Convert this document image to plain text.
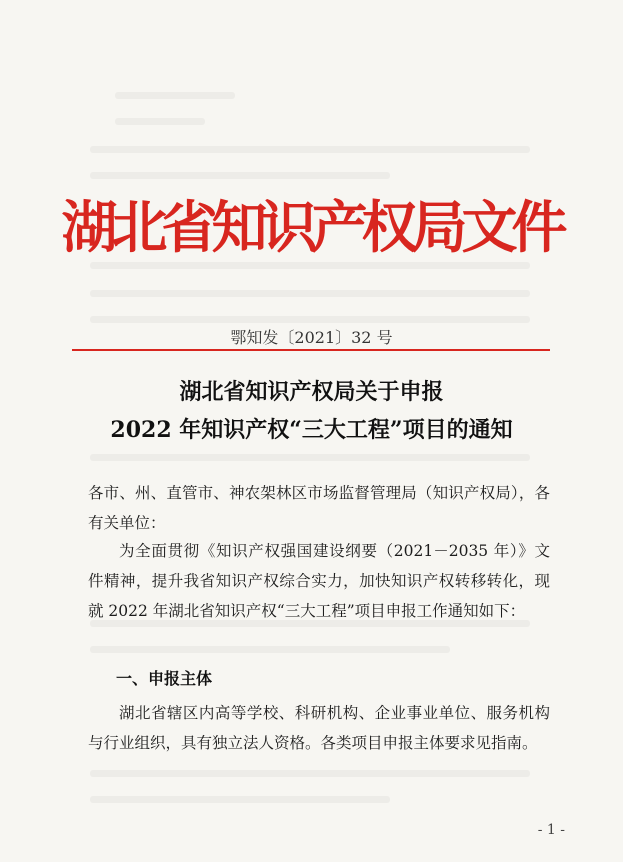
湖北省知识产权局文件
鄂知发〔2021〕32 号
湖北省知识产权局关于申报
2022 年知识产权“三大工程”项目的通知
各市、州、直管市、神农架林区市场监督管理局（知识产权局），各有关单位：
为全面贯彻《知识产权强国建设纲要（2021－2035 年）》文件精神，提升我省知识产权综合实力，加快知识产权转移转化，现就 2022 年湖北省知识产权“三大工程”项目申报工作通知如下：
一、申报主体
湖北省辖区内高等学校、科研机构、企业事业单位、服务机构与行业组织，具有独立法人资格。各类项目申报主体要求见指南。
- 1 -
